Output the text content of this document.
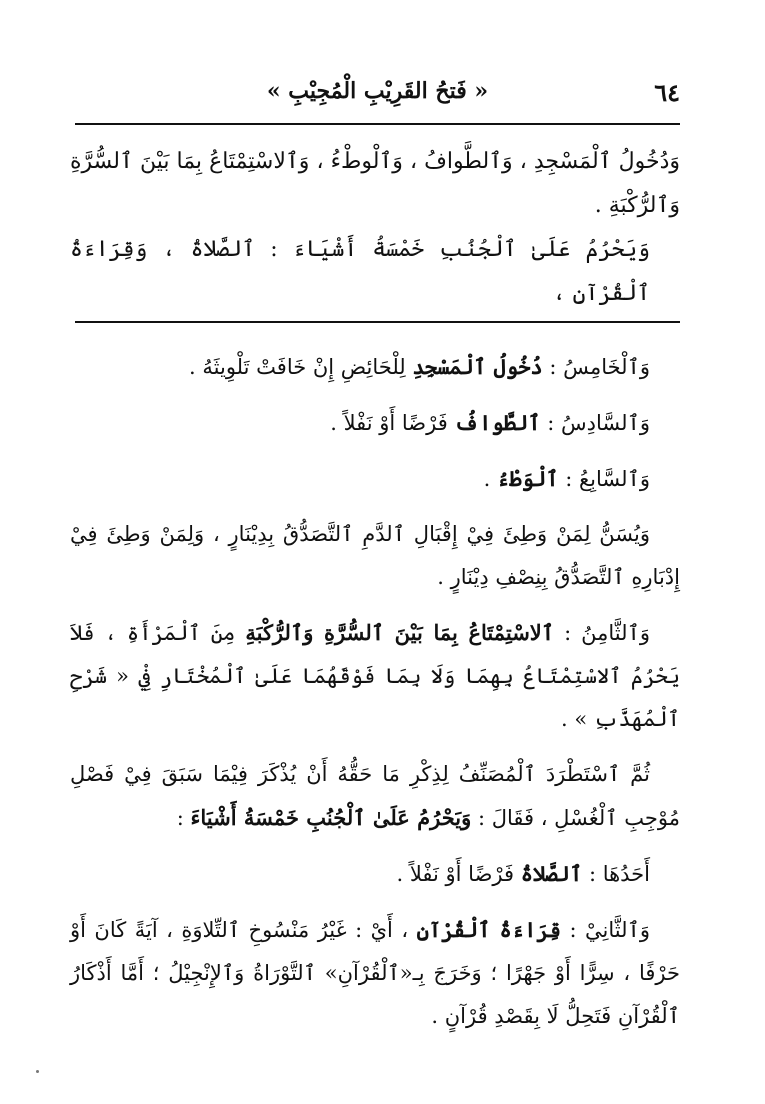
٦٤
« فَتحُ القَرِيْبِ الْمُجِيْبِ »

وَدُخُولُ ٱلْمَسْجِدِ ، وَٱلطَّوافُ ، وَٱلْوطْءُ ، وَٱلاسْتِمْتَاعُ بِمَا بَيْنَ ٱلسُّرَّةِ وَٱلرُّكْبَةِ .

وَيَحْرُمُ عَلَىٰ ٱلْجُنُبِ خَمْسَةُ أَشْيَاءَ : ٱلصَّلاةُ ، وَقِرَاءَةُ ٱلْقُرْآنِ ،

وَٱلْخَامِسُ : دُخُولُ ٱلْمَسْجِدِ لِلْحَائِضِ إِنْ خَافَتْ تَلْوِيثَهُ .

وَٱلسَّادِسُ : ٱلطَّوافُ فَرْضًا أَوْ نَفْلاً .

وَٱلسَّابِعُ : ٱلْوَطْءُ .

وَيُسَنُّ لِمَنْ وَطِئَ فِيْ إِقْبَالِ ٱلدَّمِ ٱلتَّصَدُّقُ بِدِيْنَارٍ ، وَلِمَنْ وَطِئَ فِيْ إِدْبَارِهِ ٱلتَّصَدُّقُ بِنِصْفِ دِيْنَارٍ .

وَٱلثَّامِنُ : ٱلاسْتِمْتَاعُ بِمَا بَيْنَ ٱلسُّرَّةِ وَٱلرُّكْبَةِ مِنَ ٱلْمَرْأَةِ ، فَلاَ يَحْرُمُ ٱلاسْتِمْتَاعُ بِهِمَا وَلَا بِمَا فَوْقَهُمَا عَلَىٰ ٱلْمُخْتَارِ فِيْ « شَرْحِ ٱلْمُهَذَّبِ » .

ثُمَّ ٱسْتَطْرَدَ ٱلْمُصَنِّفُ لِذِكْرِ مَا حَقُّهُ أَنْ يُذْكَرَ فِيْمَا سَبَقَ فِيْ فَصْلِ مُوْجِبِ ٱلْغُسْلِ ، فَقَالَ : وَيَحْرُمُ عَلَىٰ ٱلْجُنُبِ خَمْسَةُ أَشْيَاءَ :

أَحَدُهَا : ٱلصَّلاةُ فَرْضًا أَوْ نَفْلاً .

وَٱلثَّانِيْ : قِرَاءَةُ ٱلْقُرْآنِ ، أَيْ : غَيْرُ مَنْسُوخِ ٱلتِّلاوَةِ ، آيَةً كَانَ أَوْ حَرْفًا ، سِرًّا أَوْ جَهْرًا ؛ وَخَرَجَ بِـ«ٱلْقُرْآنِ» ٱلتَّوْرَاةُ وَٱلإِنْجِيْلُ ؛ أَمَّا أَذْكَارُ ٱلْقُرْآنِ فَتَحِلُّ لَا بِقَصْدِ قُرْآنٍ .
